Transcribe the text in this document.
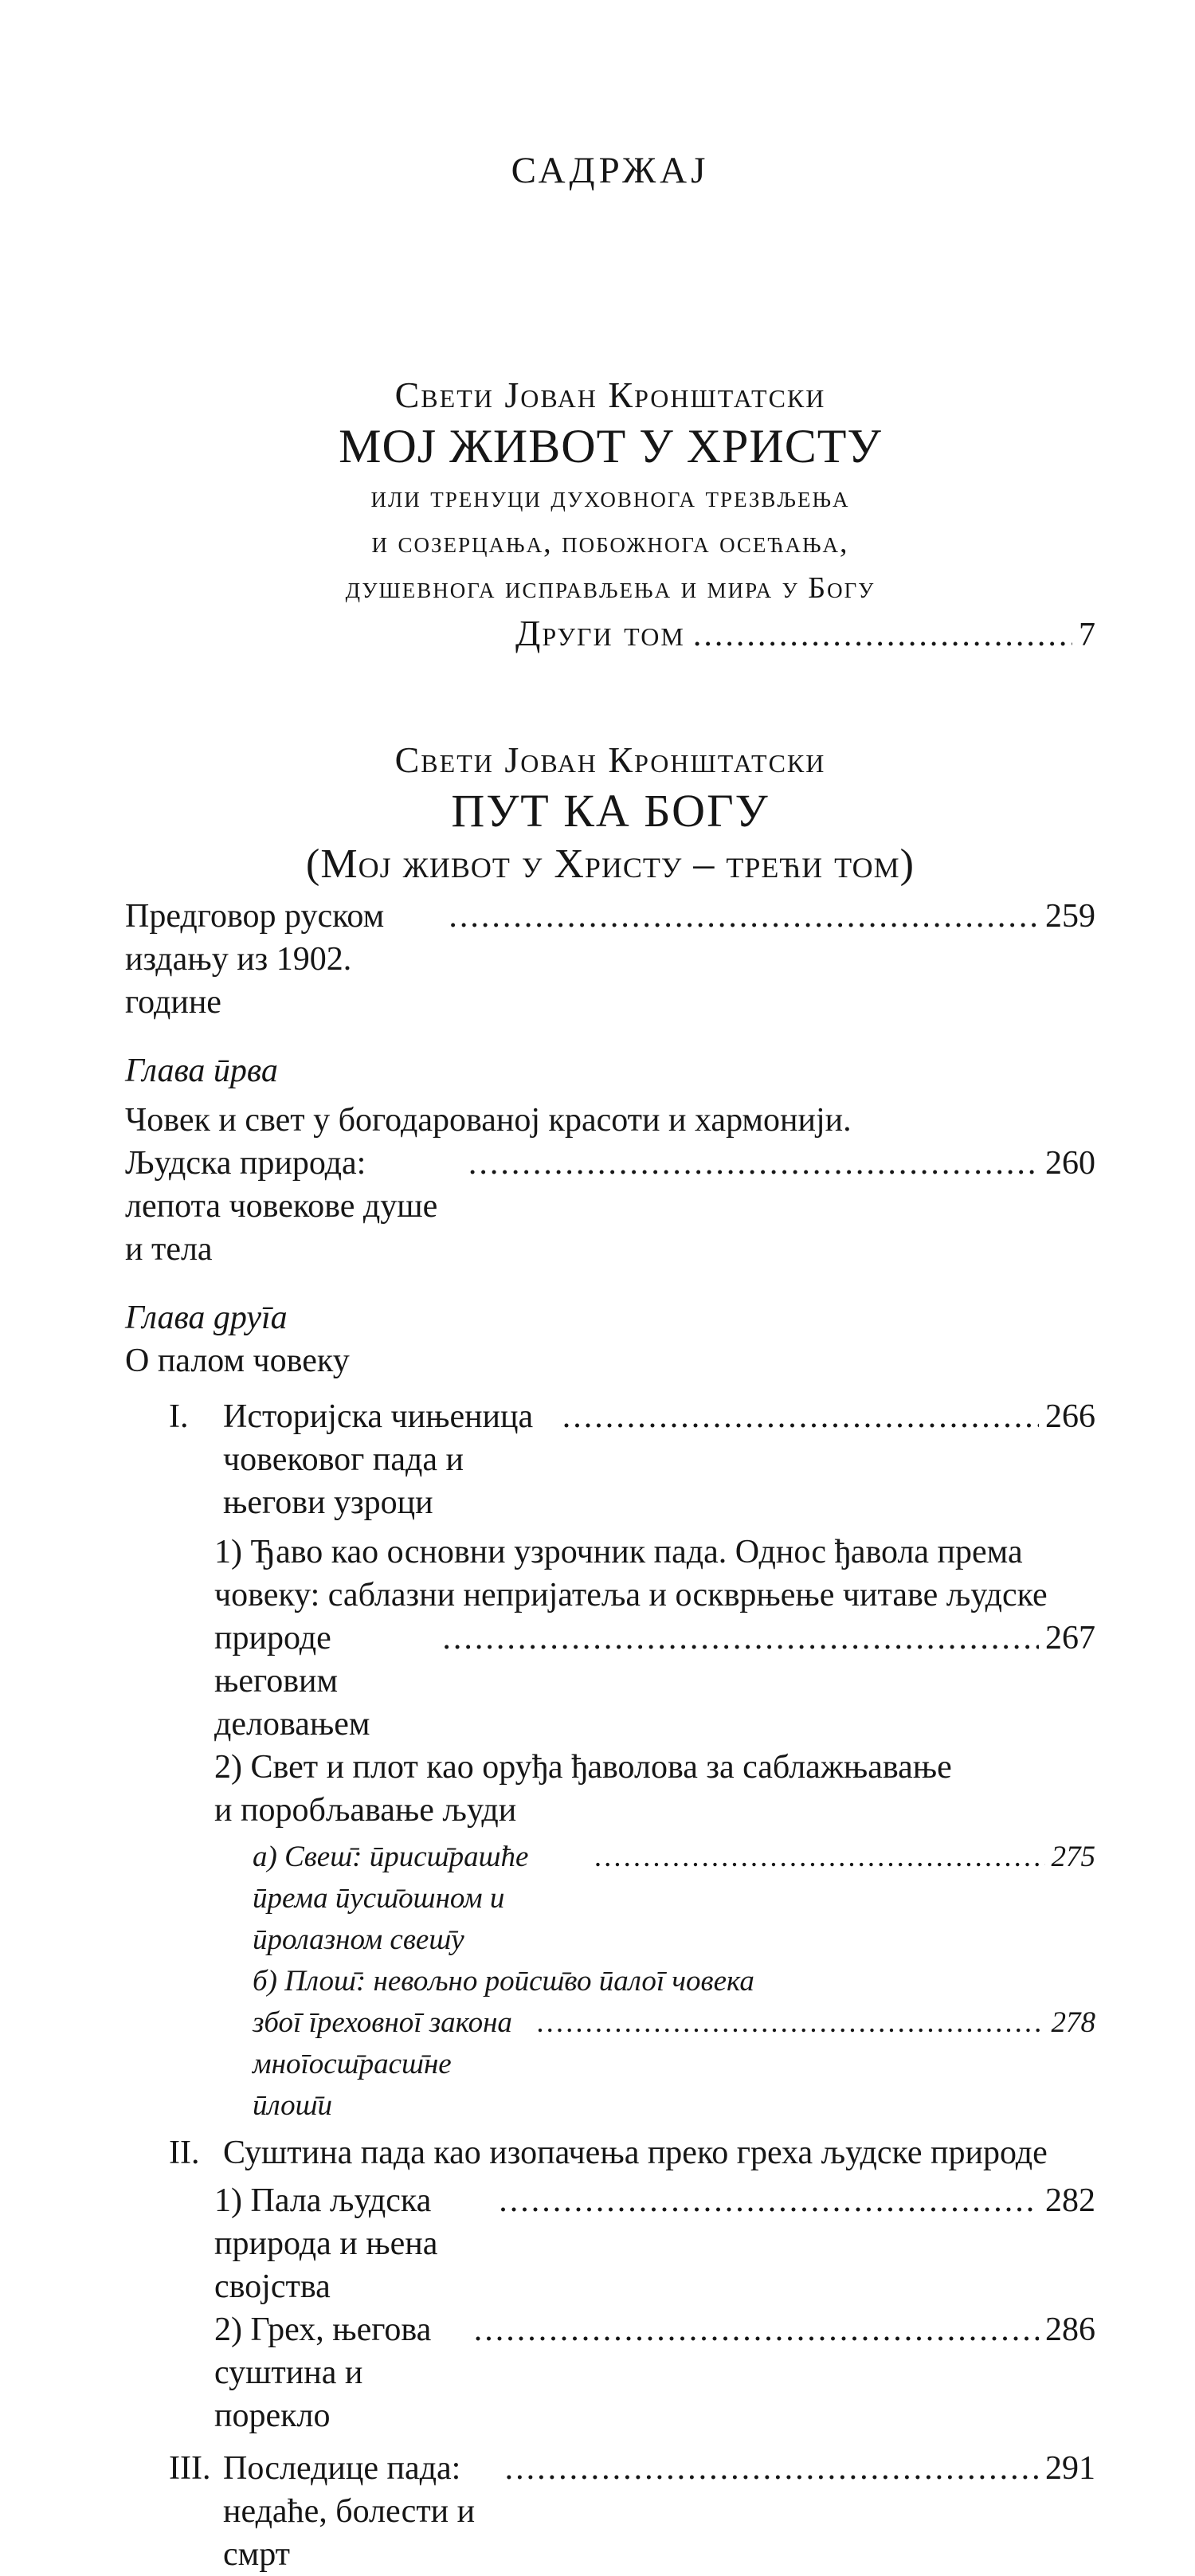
САДРЖАЈ
Свети Јован Кронштатски
МОЈ ЖИВОТ У ХРИСТУ
или тренуци духовнога трезвљења
и созерцања, побожнога осећања,
душевнога исправљења и мира у Богу
Други том .....	7
Свети Јован Кронштатски
ПУТ КА БОГУ
(Мој живот у Христу – трећи том)
Предговор руском издању из 1902. године
.....
259
Глава ӣрва
Човек и свет у богодарованој красоти и хармонији.
Људска природа: лепота човекове душе и тела
.....
260
Глава gруīа
О палом човеку
I.	Историјска чињеница човековог пада и његови узроци
.....
266
1) Ђаво као основни узрочник пада. Однос ђавола према
човеку: саблазни непријатеља и оскврњење читаве људске
природе његовим деловањем
.....
267
2) Свет и плот као оруђа ђаволова за саблажњавање
и поробљавање људи
а) Свеш̄: ӣрисш̄рашће ӣрема ӣусш̄ошном и ӣролазном свеш̄у
.....
275
б) Плош̄: невољно роӣсш̄во ӣалоī човека
збоī īреховноī закона мноīосш̄расш̄не ӣлош̄и
.....
278
II. Суштина пада као изопачења преко греха људске природе
1) Пала људска природа и њена својства
.....
282
2) Грех, његова суштина и порекло
.....
286
III. Последице пада: недаће, болести и смрт
.....
291
